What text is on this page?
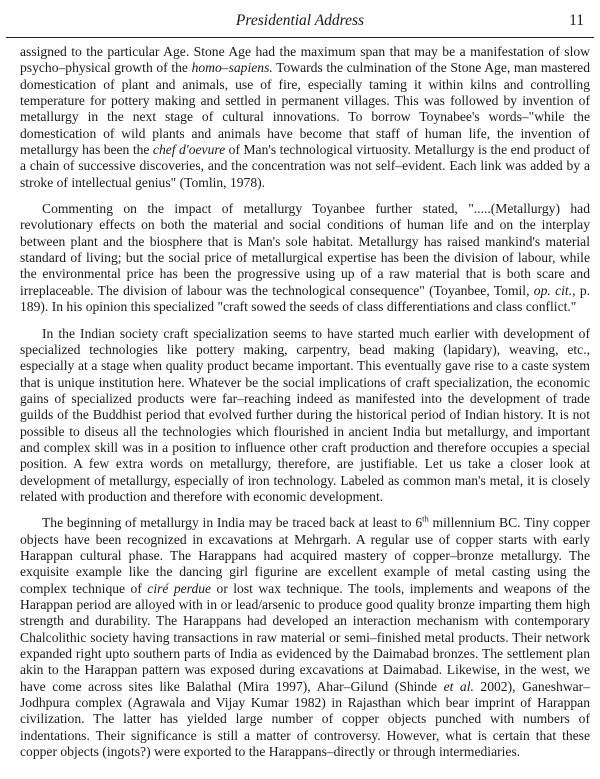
Presidential Address	11

assigned to the particular Age. Stone Age had the maximum span that may be a manifestation of slow psycho–physical growth of the homo–sapiens. Towards the culmination of the Stone Age, man mastered domestication of plant and animals, use of fire, especially taming it within kilns and controlling temperature for pottery making and settled in permanent villages. This was followed by invention of metallurgy in the next stage of cultural innovations. To borrow Toynabee's words–"while the domestication of wild plants and animals have become that staff of human life, the invention of metallurgy has been the chef d'oevure of Man's technological virtuosity. Metallurgy is the end product of a chain of successive discoveries, and the concentration was not self–evident. Each link was added by a stroke of intellectual genius" (Tomlin, 1978).

Commenting on the impact of metallurgy Toyanbee further stated, ".....(Metallurgy) had revolutionary effects on both the material and social conditions of human life and on the interplay between plant and the biosphere that is Man's sole habitat. Metallurgy has raised mankind's material standard of living; but the social price of metallurgical expertise has been the division of labour, while the environmental price has been the progressive using up of a raw material that is both scare and irreplaceable. The division of labour was the technological consequence" (Toyanbee, Tomil, op. cit., p. 189). In his opinion this specialized "craft sowed the seeds of class differentiations and class conflict."

In the Indian society craft specialization seems to have started much earlier with development of specialized technologies like pottery making, carpentry, bead making (lapidary), weaving, etc., especially at a stage when quality product became important. This eventually gave rise to a caste system that is unique institution here. Whatever be the social implications of craft specialization, the economic gains of specialized products were far–reaching indeed as manifested into the development of trade guilds of the Buddhist period that evolved further during the historical period of Indian history. It is not possible to diseus all the technologies which flourished in ancient India but metallurgy, and important and complex skill was in a position to influence other craft production and therefore occupies a special position. A few extra words on metallurgy, therefore, are justifiable. Let us take a closer look at development of metallurgy, especially of iron technology. Labeled as common man's metal, it is closely related with production and therefore with economic development.

The beginning of metallurgy in India may be traced back at least to 6th millennium BC. Tiny copper objects have been recognized in excavations at Mehrgarh. A regular use of copper starts with early Harappan cultural phase. The Harappans had acquired mastery of copper–bronze metallurgy. The exquisite example like the dancing girl figurine are excellent example of metal casting using the complex technique of ciré perdue or lost wax technique. The tools, implements and weapons of the Harappan period are alloyed with in or lead/arsenic to produce good quality bronze imparting them high strength and durability. The Harappans had developed an interaction mechanism with contemporary Chalcolithic society having transactions in raw material or semi–finished metal products. Their network expanded right upto southern parts of India as evidenced by the Daimabad bronzes. The settlement plan akin to the Harappan pattern was exposed during excavations at Daimabad. Likewise, in the west, we have come across sites like Balathal (Mira 1997), Ahar–Gilund (Shinde et al. 2002), Ganeshwar–Jodhpura complex (Agrawala and Vijay Kumar 1982) in Rajasthan which bear imprint of Harappan civilization. The latter has yielded large number of copper objects punched with numbers of indentations. Their significance is still a matter of controversy. However, what is certain that these copper objects (ingots?) were exported to the Harappans–directly or through intermediaries.
